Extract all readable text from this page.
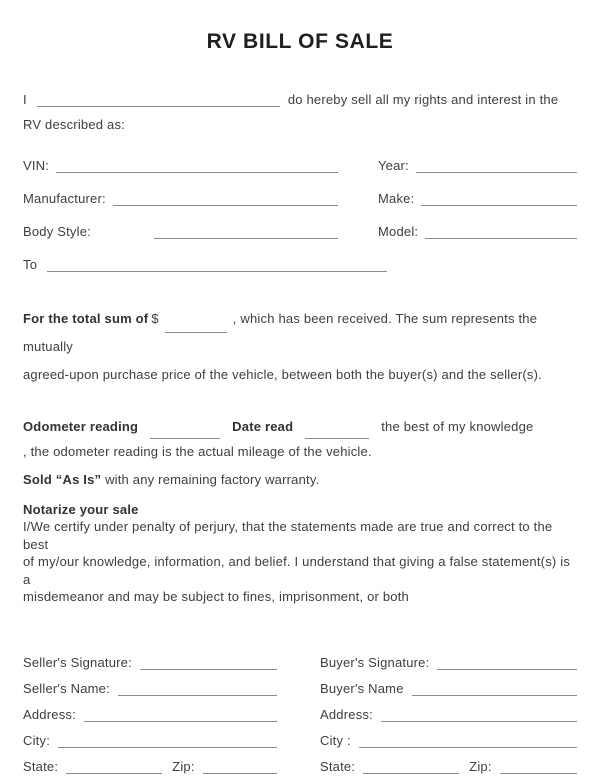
RV BILL OF SALE
I	do hereby sell all my rights and interest in the
RV described as:
VIN:	Year:
Manufacturer:	Make:
Body Style:	Model:
To
For the total sum of $	, which has been received. The sum represents the mutually
agreed-upon purchase price of the vehicle, between both the buyer(s) and the seller(s).
Odometer reading	Date read	the best of my knowledge
, the odometer reading is the actual mileage of the vehicle.
Sold “As Is” with any remaining factory warranty.
Notarize your sale
I/We certify under penalty of perjury, that the statements made are true and correct to the best
of my/our knowledge, information, and belief. I understand that giving a false statement(s) is a
misdemeanor and may be subject to fines, imprisonment, or both
Seller's Signature:
Seller's Name:
Address:
City:
State:	Zip:
Buyer's Signature:
Buyer's Name
Address:
City :
State:	Zip:
